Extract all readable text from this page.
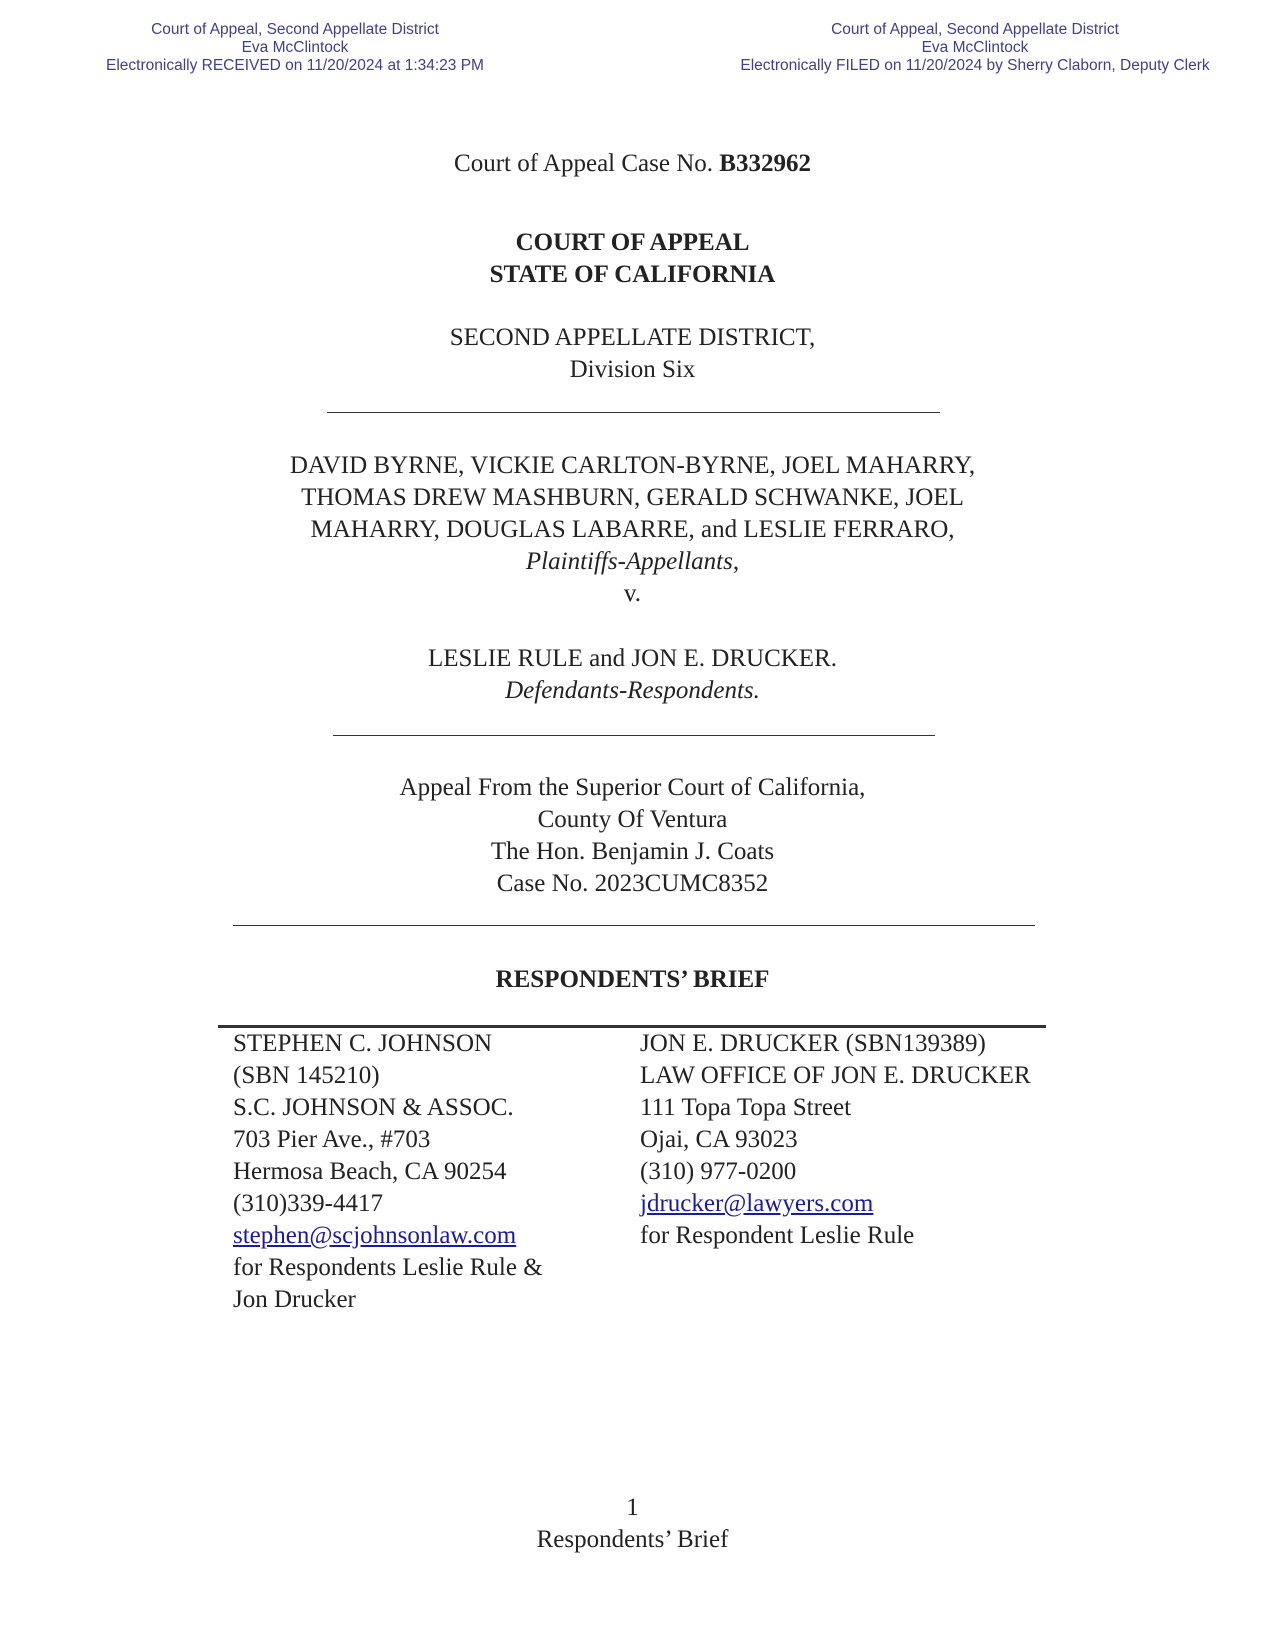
Court of Appeal, Second Appellate District
Eva McClintock
Electronically RECEIVED on 11/20/2024 at 1:34:23 PM
Court of Appeal, Second Appellate District
Eva McClintock
Electronically FILED on 11/20/2024 by Sherry Claborn, Deputy Clerk
Court of Appeal Case No. B332962
COURT OF APPEAL
STATE OF CALIFORNIA
SECOND APPELLATE DISTRICT,
Division Six
DAVID BYRNE, VICKIE CARLTON-BYRNE, JOEL MAHARRY,
THOMAS DREW MASHBURN, GERALD SCHWANKE, JOEL
MAHARRY, DOUGLAS LABARRE, and LESLIE FERRARO,
Plaintiffs-Appellants,
v.
LESLIE RULE and JON E. DRUCKER.
Defendants-Respondents.
Appeal From the Superior Court of California,
County Of Ventura
The Hon. Benjamin J. Coats
Case No. 2023CUMC8352
RESPONDENTS’ BRIEF
STEPHEN C. JOHNSON
(SBN 145210)
S.C. JOHNSON & ASSOC.
703 Pier Ave., #703
Hermosa Beach, CA 90254
(310)339-4417
stephen@scjohnsonlaw.com
for Respondents Leslie Rule &
Jon Drucker
JON E. DRUCKER (SBN139389)
LAW OFFICE OF JON E. DRUCKER
111 Topa Topa Street
Ojai, CA 93023
(310) 977-0200
jdrucker@lawyers.com
for Respondent Leslie Rule
1
Respondents’ Brief
